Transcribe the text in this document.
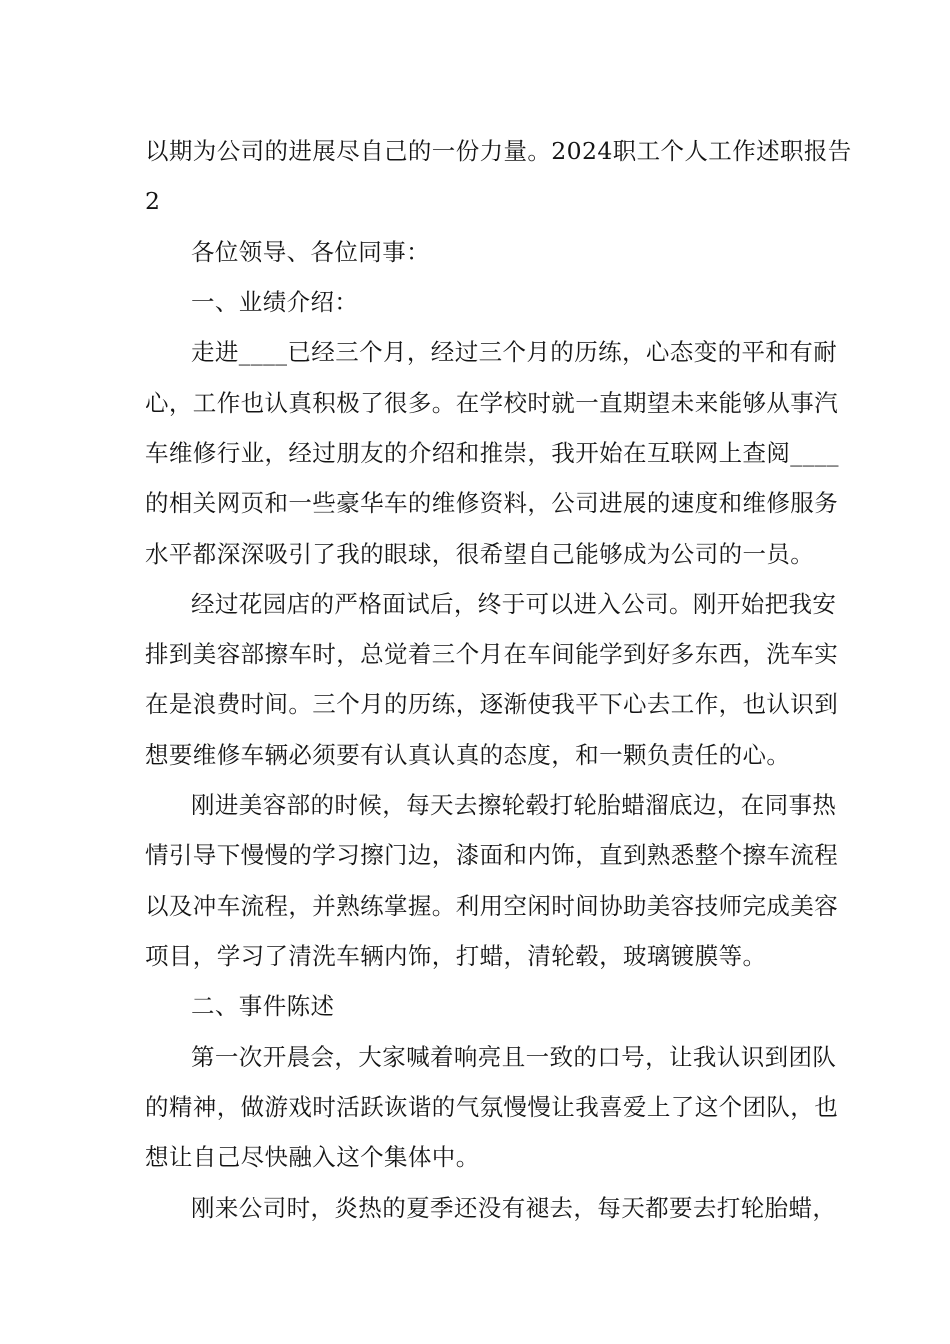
以期为公司的进展尽自己的一份力量。2024职工个人工作述职报告
2
各位领导、各位同事：
一、业绩介绍：
走进____已经三个月，经过三个月的历练，心态变的平和有耐
心，工作也认真积极了很多。在学校时就一直期望未来能够从事汽
车维修行业，经过朋友的介绍和推崇，我开始在互联网上查阅____
的相关网页和一些豪华车的维修资料，公司进展的速度和维修服务
水平都深深吸引了我的眼球，很希望自己能够成为公司的一员。
经过花园店的严格面试后，终于可以进入公司。刚开始把我安
排到美容部擦车时，总觉着三个月在车间能学到好多东西，洗车实
在是浪费时间。三个月的历练，逐渐使我平下心去工作，也认识到
想要维修车辆必须要有认真认真的态度，和一颗负责任的心。
刚进美容部的时候，每天去擦轮毂打轮胎蜡溜底边，在同事热
情引导下慢慢的学习擦门边，漆面和内饰，直到熟悉整个擦车流程
以及冲车流程，并熟练掌握。利用空闲时间协助美容技师完成美容
项目，学习了清洗车辆内饰，打蜡，清轮毂，玻璃镀膜等。
二、事件陈述
第一次开晨会，大家喊着响亮且一致的口号，让我认识到团队
的精神，做游戏时活跃诙谐的气氛慢慢让我喜爱上了这个团队，也
想让自己尽快融入这个集体中。
刚来公司时，炎热的夏季还没有褪去，每天都要去打轮胎蜡，
